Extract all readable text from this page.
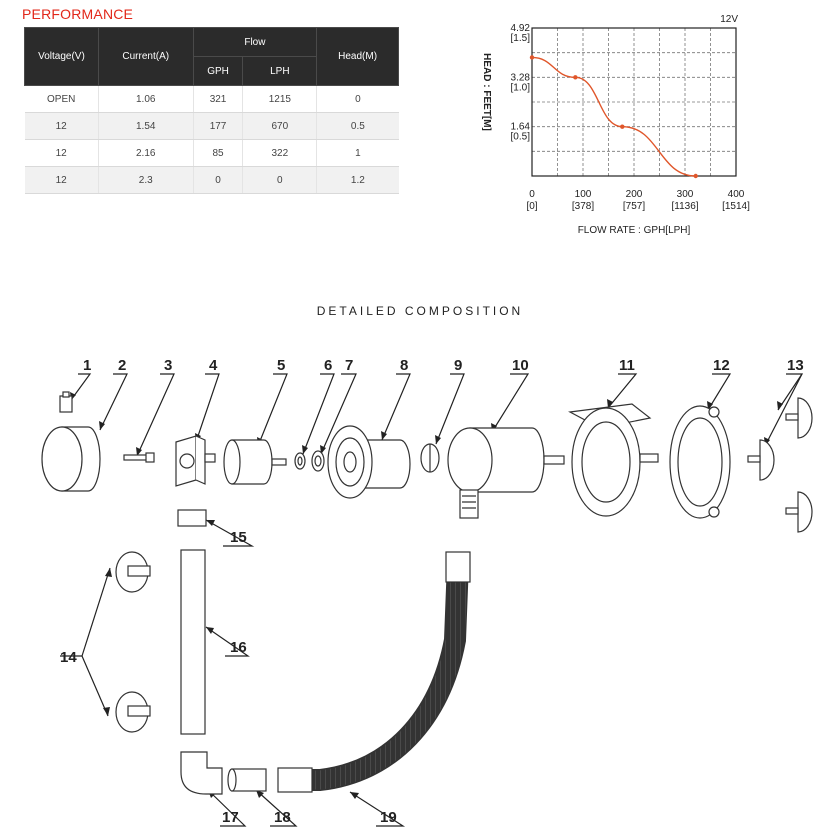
PERFORMANCE
Voltage(V)	Current(A)	Flow		Head(M)
		GPH	LPH	
OPEN	1.06	321	1215	0
12	1.54	177	670	0.5
12	2.16	85	322	1
12	2.3	0	0	1.2
4.92
[1.5]
3.28
[1.0]
1.64
[0.5]
0
[0]
100
[378]
200
[757]
300
[1136]
400
[1514]
FLOW RATE : GPH[LPH]
HEAD : FEET[M]
12V
DETAILED COMPOSITION
1 2	3 4	5	6 7	8	9	10	11	12	13
14
15
16
17 18	19
